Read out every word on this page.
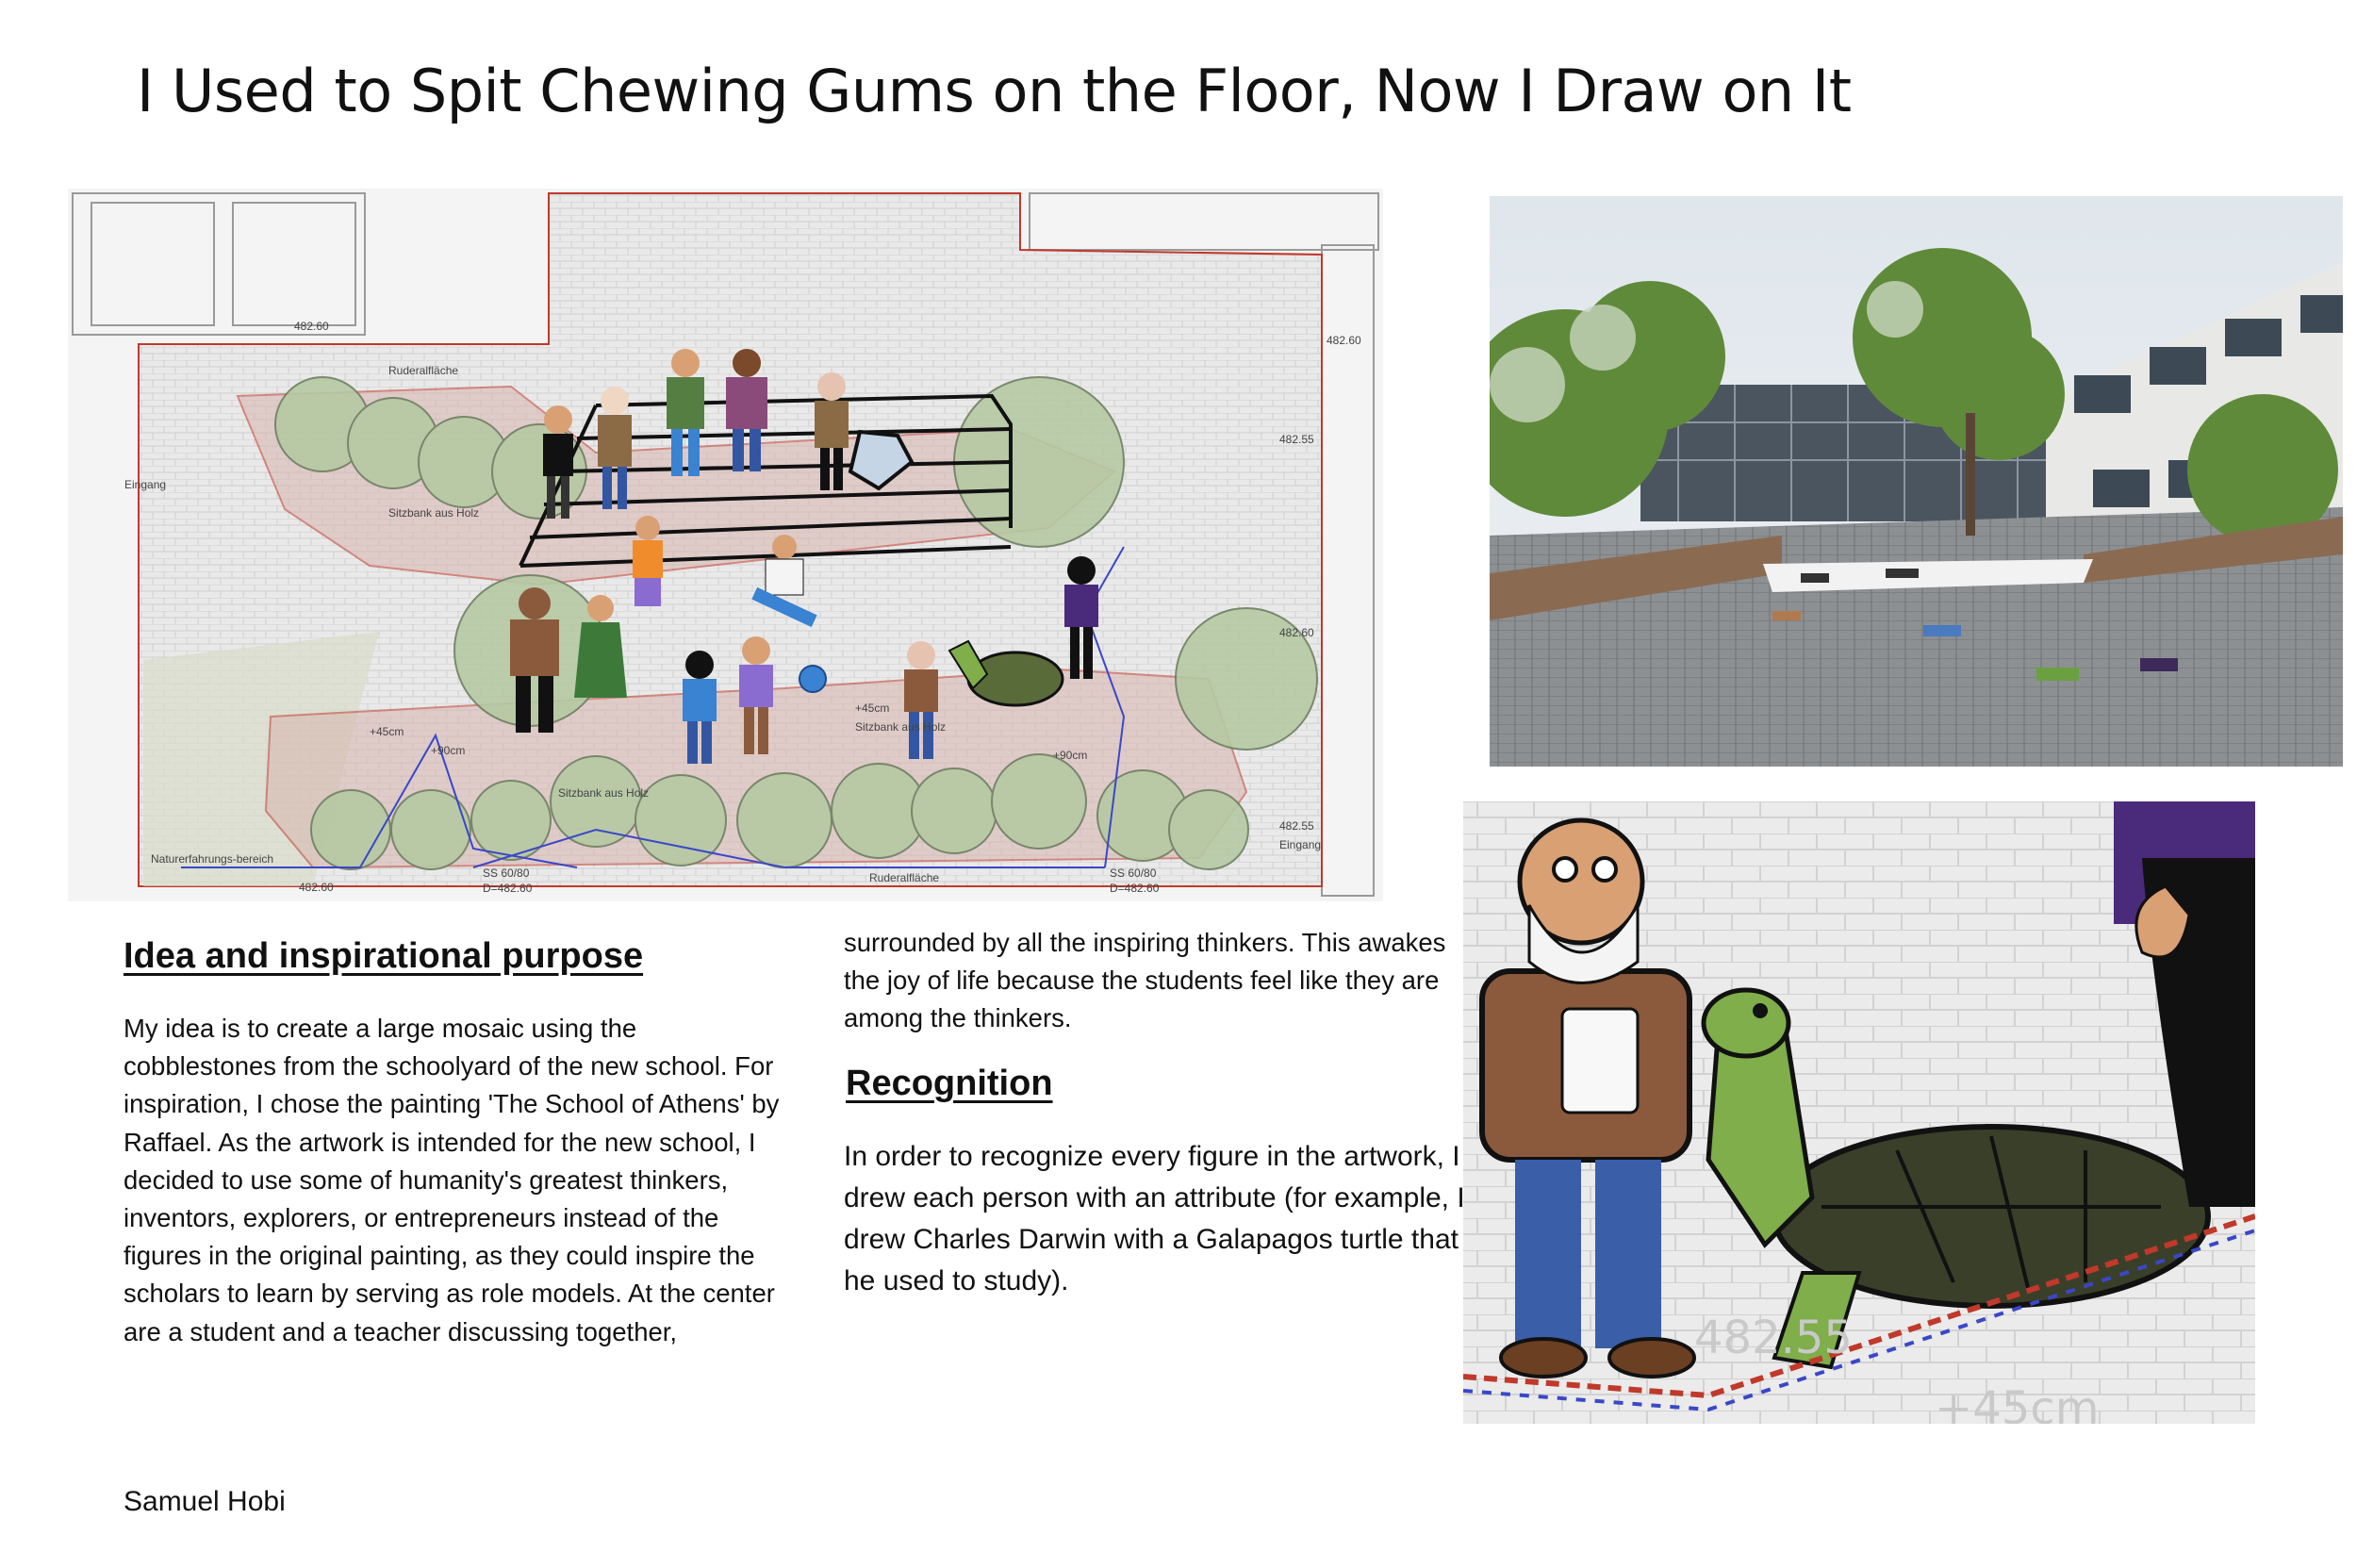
I Used to Spit Chewing Gums on the Floor, Now I Draw on It
Eingang
Ruderalfläche
Ruderalfläche
Sitzbank aus Holz
Sitzbank aus Holz
Sitzbank aus Holz
Naturerfahrungs-bereich
482.60
482.55
482.60
482.55
482.60
482.60
+45cm
+45cm
+90cm	+90cm
SS 60/80	SS 60/80
D=482.60	D=482.60
Eingang
482.55
+45cm
Idea and inspirational purpose

My idea is to create a large mosaic using the cobblestones from the schoolyard of the new school. For inspiration, I chose the painting 'The School of Athens' by Raffael. As the artwork is intended for the new school, I decided to use some of humanity's greatest thinkers, inventors, explorers, or entrepreneurs instead of the figures in the original painting, as they could inspire the scholars to learn by serving as role models. At the center are a student and a teacher discussing together,

surrounded by all the inspiring thinkers. This awakes the joy of life because the students feel like they are among the thinkers.

Recognition

In order to recognize every figure in the artwork, I drew each person with an attribute (for example, I drew Charles Darwin with a Galapagos turtle that he used to study).

Samuel Hobi
